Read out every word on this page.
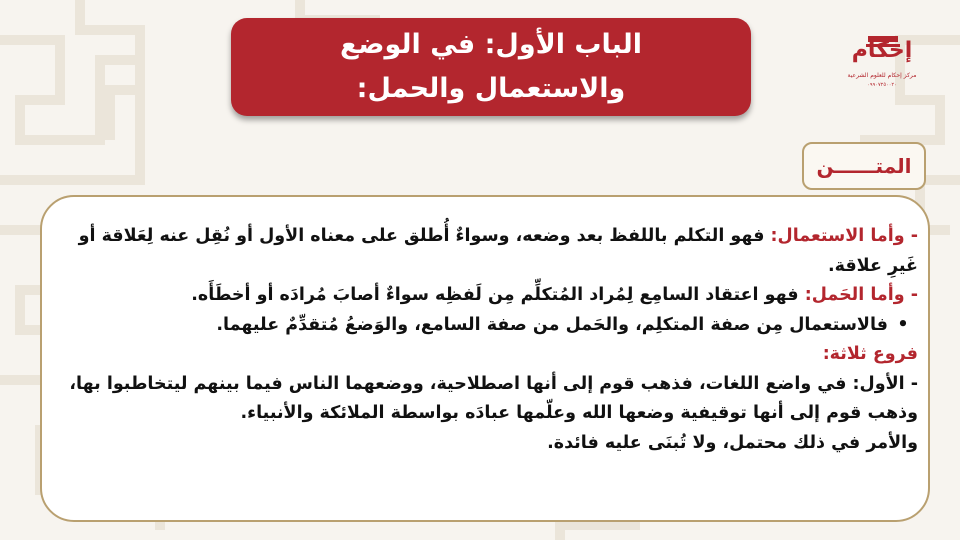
الباب الأول: في الوضع
والاستعمال والحمل:
إحكام
مركز إحكام للعلوم الشرعية
٠٩٩٠٧٢٥٠٠٢٠
المتــــــن

- وأما الاستعمال: فهو التكلم باللفظ بعد وضعه، وسواءٌ أُطلق على معناه الأول أو نُقِل عنه لِعَلاقة أو غَيرِ علاقة.

- وأما الحَمل: فهو اعتقاد السامِع لِمُراد المُتكلِّم مِن لَفظِه سواءٌ أصابَ مُرادَه أو أخطَأَه.

•فالاستعمال مِن صفة المتكلِم، والحَمل من صفة السامع، والوَضعُ مُتقدِّمٌ عليهما.

فروع ثلاثة:

- الأول: في واضع اللغات، فذهب قوم إلى أنها اصطلاحية، ووضعهما الناس فيما بينهم ليتخاطبوا بها، وذهب قوم إلى أنها توقيفية وضعها الله وعلّمها عبادَه بواسطة الملائكة والأنبياء.

والأمر في ذلك محتمل، ولا تُبنَى عليه فائدة.
